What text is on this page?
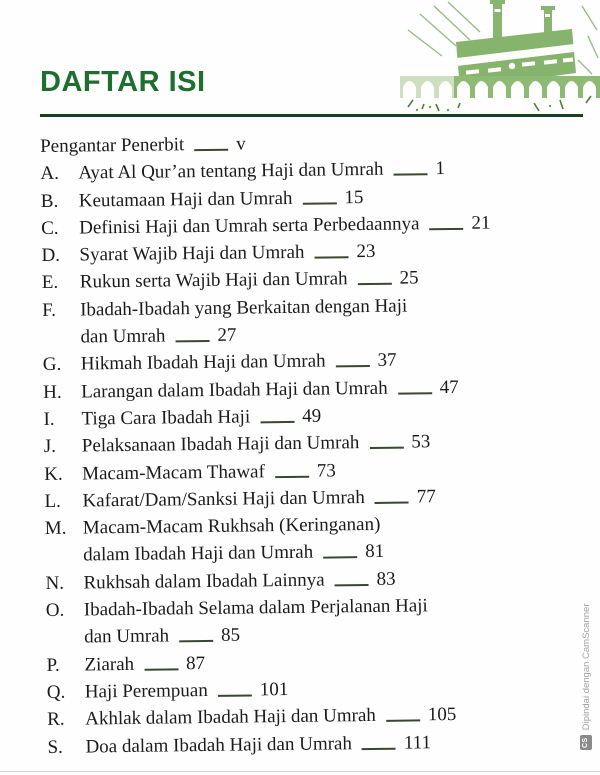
DAFTAR ISI
Pengantar Penerbit	v
A.	Ayat Al Qur’an tentang Haji dan Umrah	1
B.	Keutamaan Haji dan Umrah	15
C.	Definisi Haji dan Umrah serta Perbedaannya	21
D.	Syarat Wajib Haji dan Umrah	23
E.	Rukun serta Wajib Haji dan Umrah	25
F.	Ibadah-Ibadah yang Berkaitan dengan Haji
dan Umrah	27
G.	Hikmah Ibadah Haji dan Umrah	37
H.	Larangan dalam Ibadah Haji dan Umrah	47
I.	Tiga Cara Ibadah Haji	49
J.	Pelaksanaan Ibadah Haji dan Umrah	53
K.	Macam-Macam Thawaf	73
L.	Kafarat/Dam/Sanksi Haji dan Umrah	77
M. Macam-Macam Rukhsah (Keringanan)
dalam Ibadah Haji dan Umrah	81
N.	Rukhsah dalam Ibadah Lainnya	83
O.	Ibadah-Ibadah Selama dalam Perjalanan Haji
dan Umrah	85
P.	Ziarah	87
Q.	Haji Perempuan	101
R.	Akhlak dalam Ibadah Haji dan Umrah	105
S.	Doa dalam Ibadah Haji dan Umrah	111	CS
Dipindai dengan CamScanner
